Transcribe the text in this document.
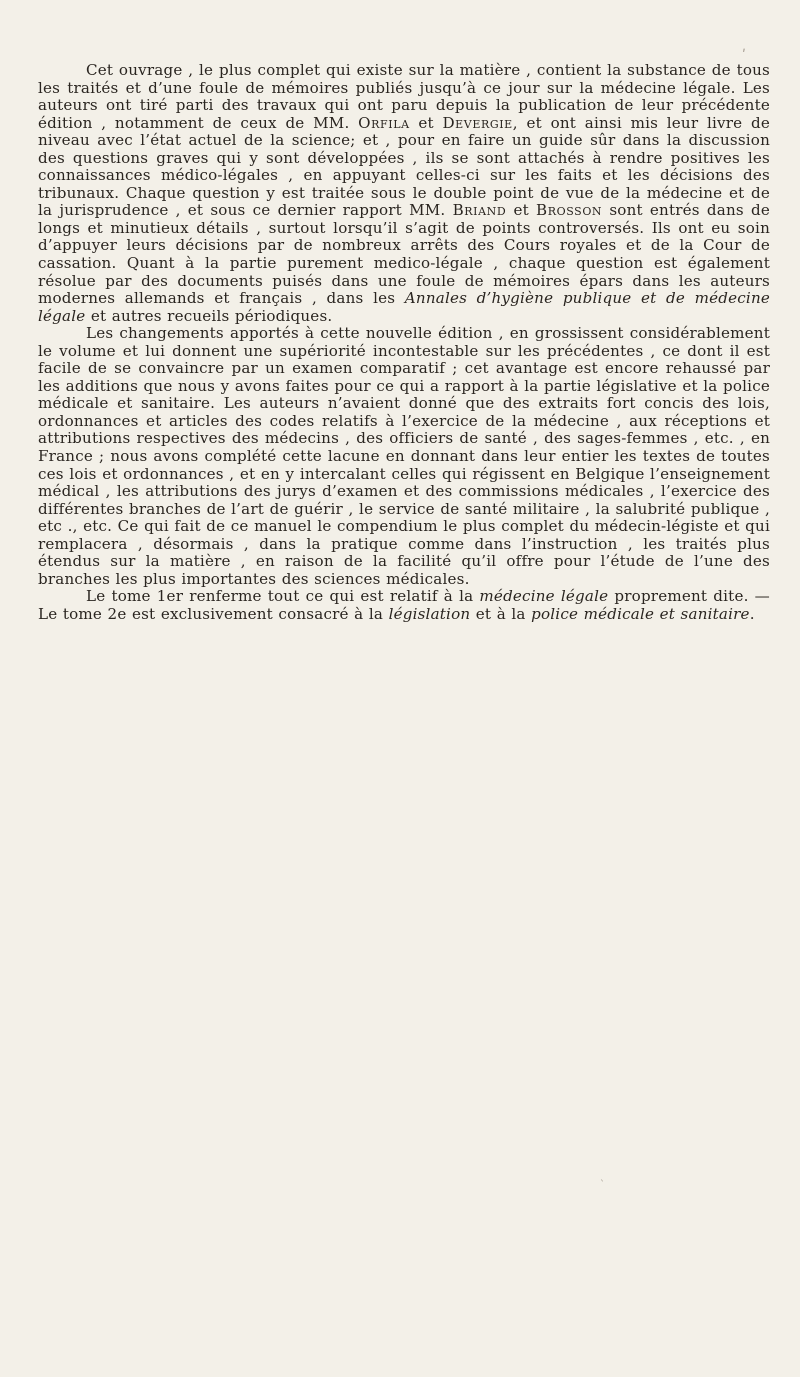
Cet ouvrage , le plus complet qui existe sur la matière , contient la substance de tous les traités et d’une foule de mémoires publiés jusqu’à ce jour sur la médecine légale. Les auteurs ont tiré parti des travaux qui ont paru depuis la publication de leur précédente édition , notamment de ceux de MM. Orfila et Devergie, et ont ainsi mis leur livre de niveau avec l’état actuel de la science; et , pour en faire un guide sûr dans la discussion des questions graves qui y sont développées , ils se sont attachés à rendre positives les connaissances médico-légales , en appuyant celles-ci sur les faits et les décisions des tribunaux. Chaque question y est traitée sous le double point de vue de la médecine et de la jurisprudence , et sous ce dernier rapport MM. Briand et Brosson sont entrés dans de longs et minutieux détails , surtout lorsqu’il s’agit de points controversés. Ils ont eu soin d’appuyer leurs décisions par de nombreux arrêts des Cours royales et de la Cour de cassation. Quant à la partie purement medico-légale , chaque question est également résolue par des documents puisés dans une foule de mémoires épars dans les auteurs modernes allemands et français , dans les Annales d’hygiène publique et de médecine légale et autres recueils périodiques.

Les changements apportés à cette nouvelle édition , en grossissent considérablement le volume et lui donnent une supériorité incontestable sur les précédentes , ce dont il est facile de se convaincre par un examen comparatif ; cet avantage est encore rehaussé par les additions que nous y avons faites pour ce qui a rapport à la partie législative et la police médicale et sanitaire. Les auteurs n’avaient donné que des extraits fort concis des lois, ordonnances et articles des codes relatifs à l’exercice de la médecine , aux réceptions et attributions respectives des médecins , des officiers de santé , des sages-femmes , etc. , en France ; nous avons complété cette lacune en donnant dans leur entier les textes de toutes ces lois et ordonnances , et en y intercalant celles qui régissent en Belgique l’enseignement médical , les attributions des jurys d’examen et des commissions médicales , l’exercice des différentes branches de l’art de guérir , le service de santé militaire , la salubrité publique , etc ., etc. Ce qui fait de ce manuel le compendium le plus complet du médecin-légiste et qui remplacera , désormais , dans la pratique comme dans l’instruction , les traités plus étendus sur la matière , en raison de la facilité qu’il offre pour l’étude de l’une des branches les plus importantes des sciences médicales.

Le tome 1er renferme tout ce qui est relatif à la médecine légale proprement dite. — Le tome 2e est exclusivement consacré à la législation et à la police médicale et sanitaire.

ʹ
ˋ
